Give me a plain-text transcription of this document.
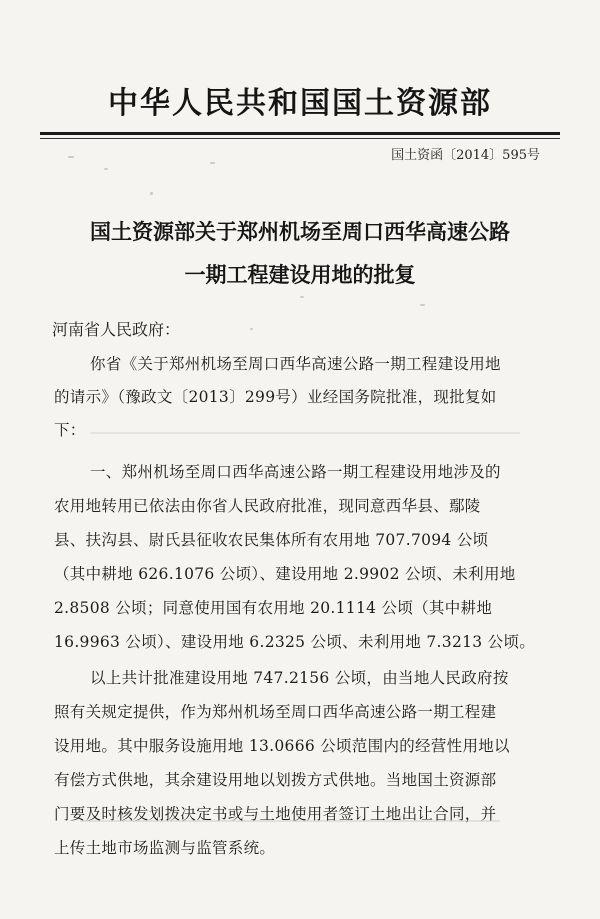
中华人民共和国国土资源部
国土资函〔2014〕595号
国土资源部关于郑州机场至周口西华高速公路
一期工程建设用地的批复
河南省人民政府：
你省《关于郑州机场至周口西华高速公路一期工程建设用地
的请示》（豫政文〔2013〕299号）业经国务院批准，现批复如
下：
一、郑州机场至周口西华高速公路一期工程建设用地涉及的
农用地转用已依法由你省人民政府批准，现同意西华县、鄢陵
县、扶沟县、尉氏县征收农民集体所有农用地 707.7094 公顷
（其中耕地 626.1076 公顷）、建设用地 2.9902 公顷、未利用地
2.8508 公顷；同意使用国有农用地 20.1114 公顷（其中耕地
16.9963 公顷）、建设用地 6.2325 公顷、未利用地 7.3213 公顷。
以上共计批准建设用地 747.2156 公顷，由当地人民政府按
照有关规定提供，作为郑州机场至周口西华高速公路一期工程建
设用地。其中服务设施用地 13.0666 公顷范围内的经营性用地以
有偿方式供地，其余建设用地以划拨方式供地。当地国土资源部
门要及时核发划拨决定书或与土地使用者签订土地出让合同，并
上传土地市场监测与监管系统。
